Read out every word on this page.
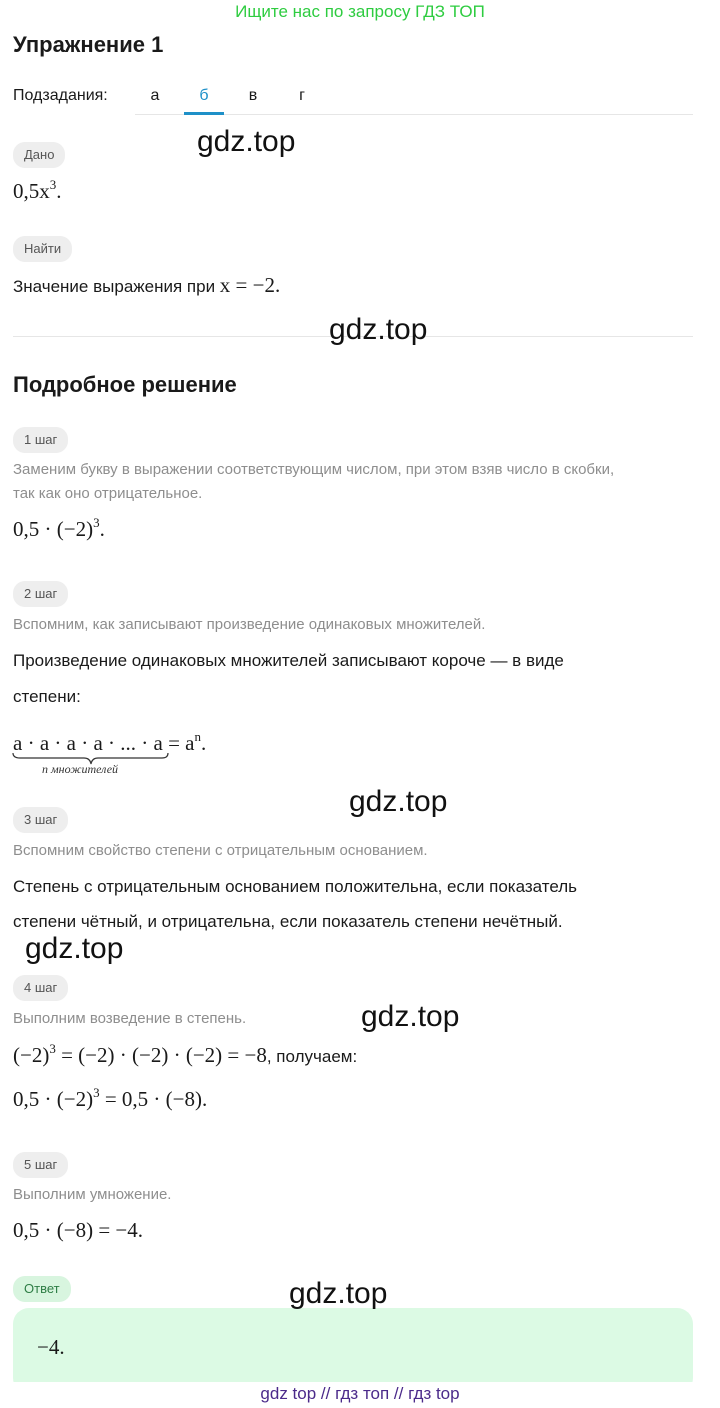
Ищите нас по запросу ГДЗ ТОП
Упражнение 1
Подзадания:	а	б	в	г
Дано
$0,5x^3$.
Найти
Значение выражения при x = −2.
Подробное решение
1 шаг
Заменим букву в выражении соответствующим числом, при этом взяв число в скобки,
так как оно отрицательное.
$0,5 \cdot (-2)^3$.
2 шаг
Вспомним, как записывают произведение одинаковых множителей.
Произведение одинаковых множителей записывают короче — в виде
степени:
a · a · a · a · ... · $a = a^n$.
n множителей
3 шаг
Вспомним свойство степени с отрицательным основанием.
Степень с отрицательным основанием положительна, если показатель
степени чётный, и отрицательна, если показатель степени нечётный.
4 шаг
Выполним возведение в степень.
$(-2)^3 = (-2) \cdot (-2) \cdot (-2) = -8$, получаем:
$0,5 \cdot (-2)^3 = 0,5 \cdot (-8)$.
5 шаг
Выполним умножение.
0,5 · (−8) = −4.
Ответ
−4.
gdz.top
gdz.top
gdz.top
gdz.top
gdz.top
gdz.top
gdz top // гдз топ // гдз top
